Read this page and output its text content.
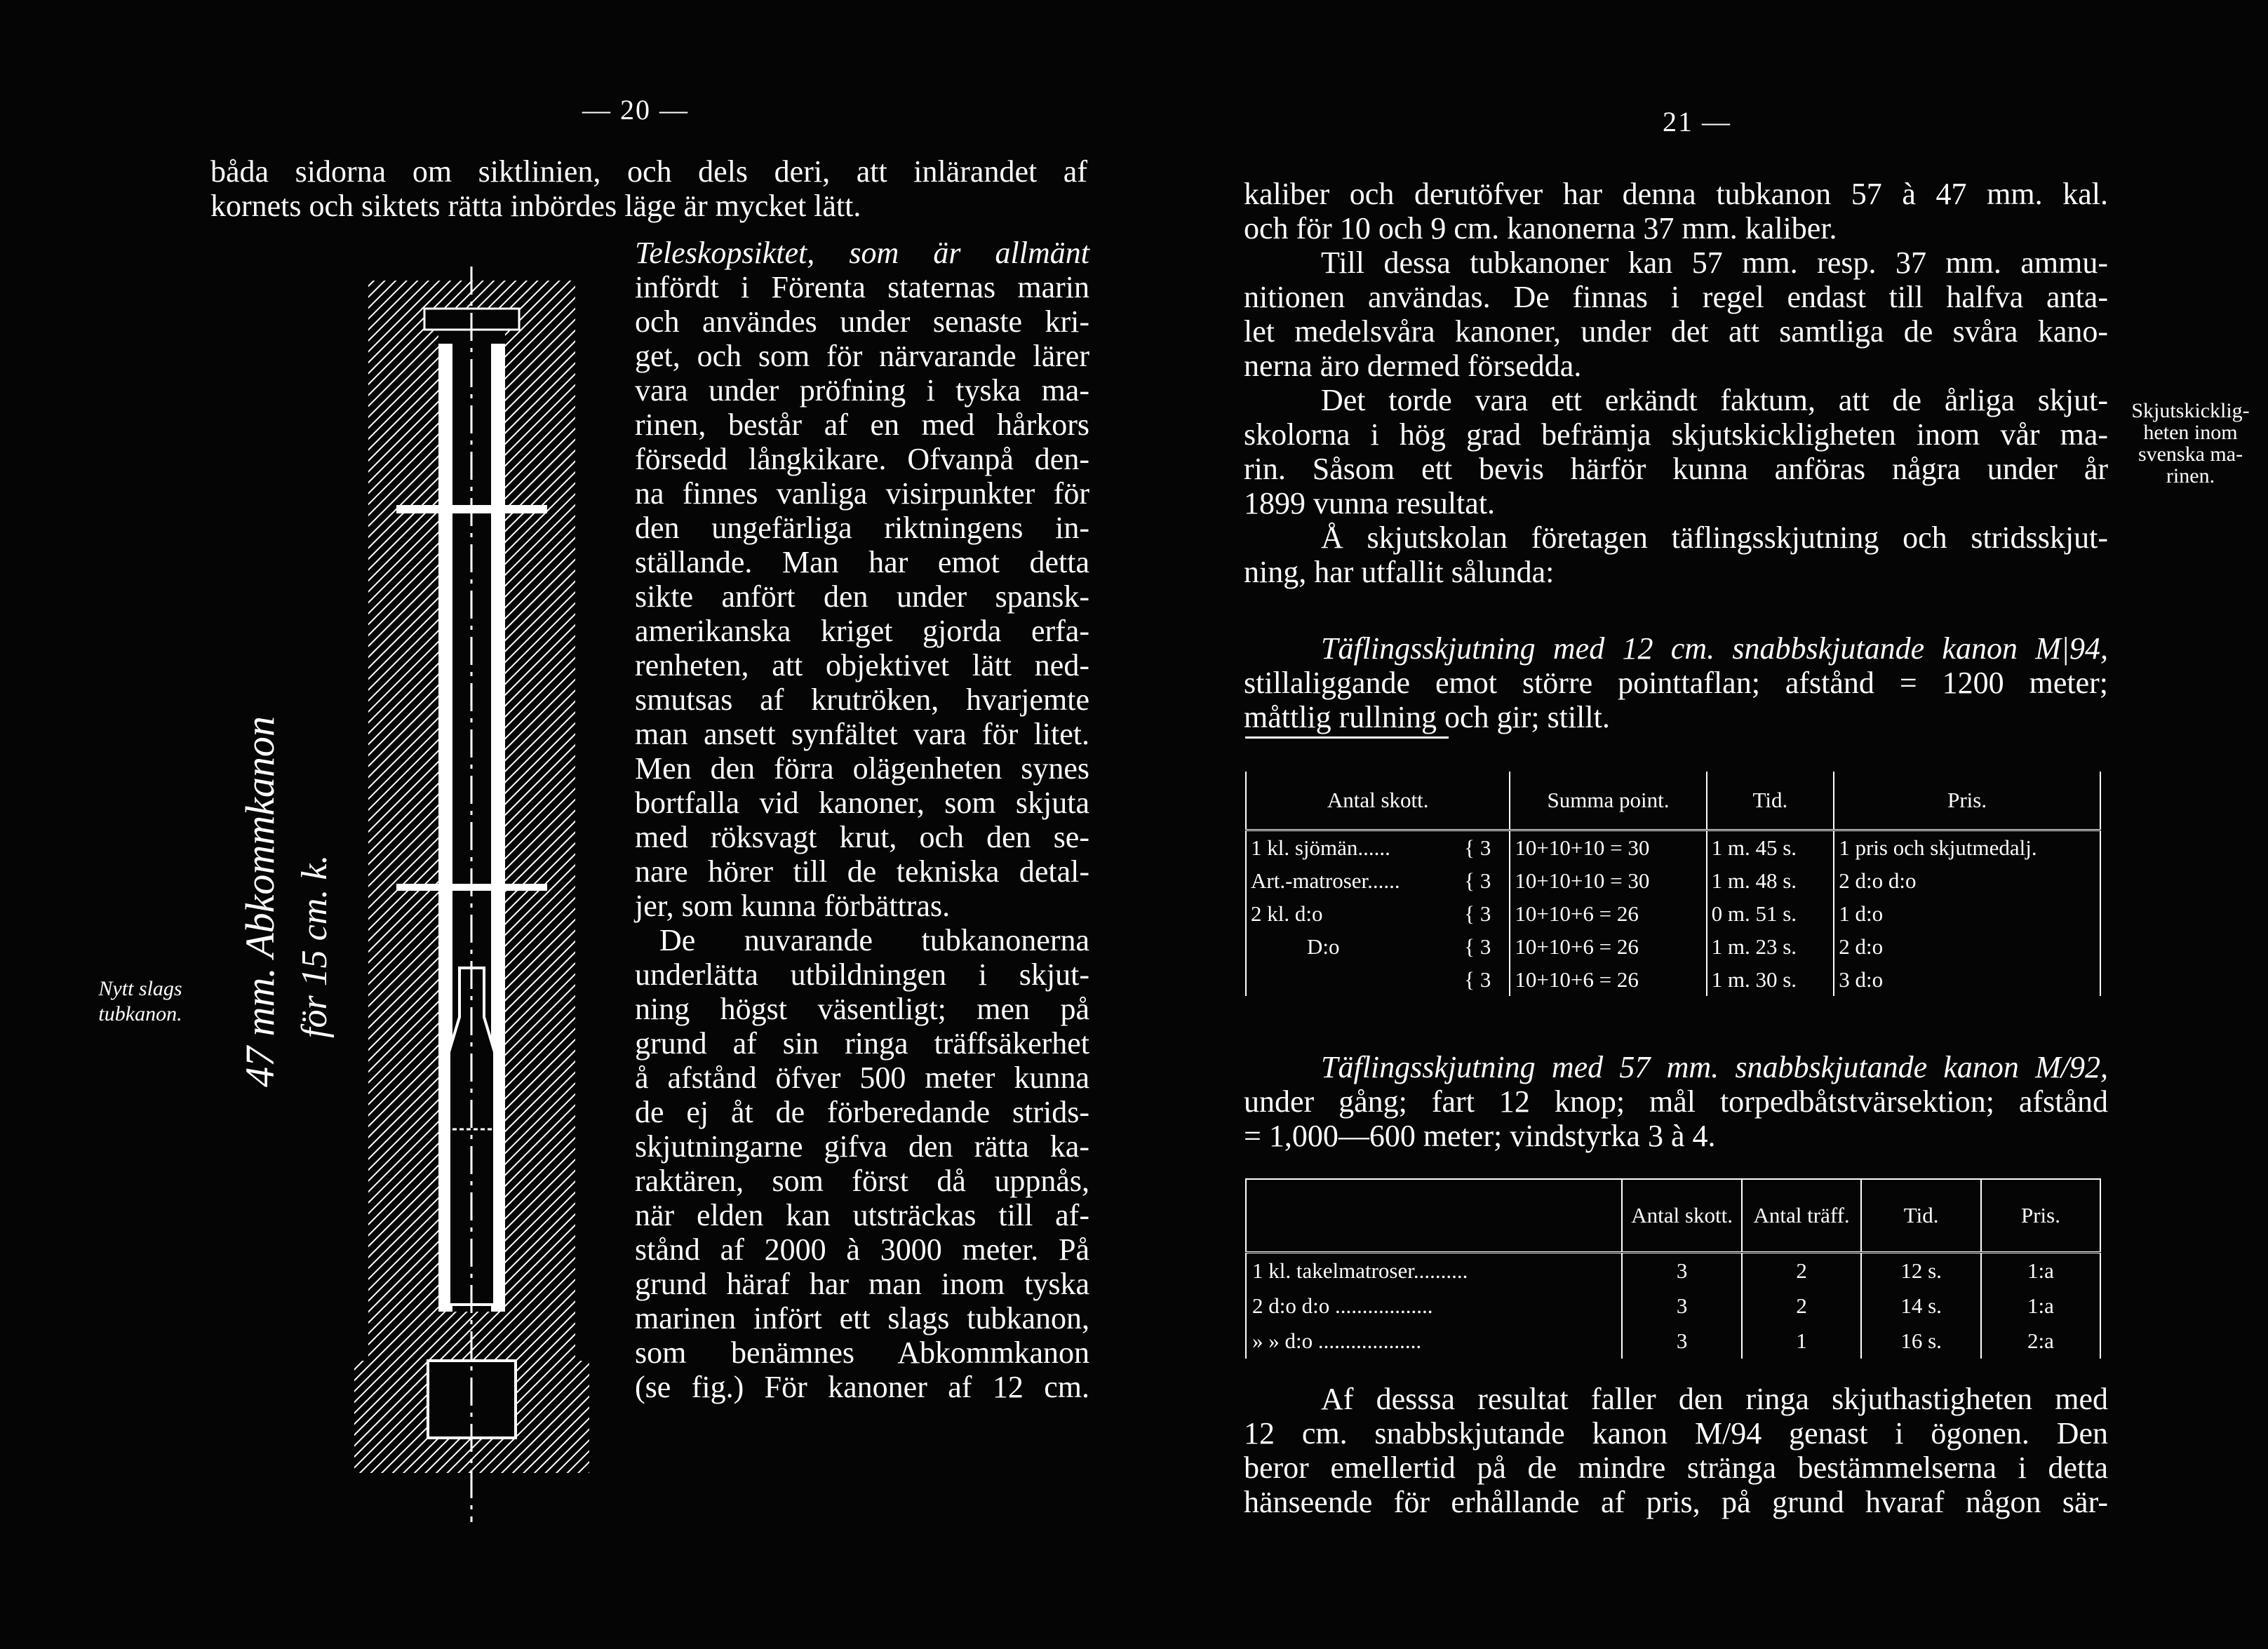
— 20 —
båda sidorna om siktlinien, och dels deri, att inlärandet af
kornets och siktets rätta inbördes läge är mycket lätt.
Nytt slags tubkanon.	47 mm. Abkommkanon för 15 cm. k.
Teleskopsiktet, som är allmänt
infördt i Förenta staternas marin
och användes under senaste kri-
get, och som för närvarande lärer
vara under pröfning i tyska ma-
rinen, består af en med hårkors
försedd långkikare. Ofvanpå den-
na finnes vanliga visirpunkter för
den ungefärliga riktningens in-
ställande. Man har emot detta
sikte anfört den under spansk-
amerikanska kriget gjorda erfa-
renheten, att objektivet lätt ned-
smutsas af krutröken, hvarjemte
man ansett synfältet vara för litet.
Men den förra olägenheten synes
bortfalla vid kanoner, som skjuta
med röksvagt krut, och den se-
nare hörer till de tekniska detal-
jer, som kunna förbättras.
De nuvarande tubkanonerna
underlätta utbildningen i skjut-
ning högst väsentligt; men på
grund af sin ringa träffsäkerhet
å afstånd öfver 500 meter kunna
de ej åt de förberedande strids-
skjutningarne gifva den rätta ka-
raktären, som först då uppnås,
när elden kan utsträckas till af-
stånd af 2000 à 3000 meter. På
grund häraf har man inom tyska
marinen infört ett slags tubkanon,
som benämnes Abkommkanon
(se fig.) För kanoner af 12 cm.
21 —
kaliber och derutöfver har denna tubkanon 57 à 47 mm. kal.
och för 10 och 9 cm. kanonerna 37 mm. kaliber.
Till dessa tubkanoner kan 57 mm. resp. 37 mm. ammu-
nitionen användas. De finnas i regel endast till halfva anta-
let medelsvåra kanoner, under det att samtliga de svåra kano-
nerna äro dermed försedda.
Det torde vara ett erkändt faktum, att de årliga skjut-
skolorna i hög grad befrämja skjutskickligheten inom vår ma-
rin. Såsom ett bevis härför kunna anföras några under år
1899 vunna resultat.
Å skjutskolan företagen täflingsskjutning och stridsskjut-
ning, har utfallit sålunda:
Skjutskicklig-
heten inom
svenska ma-
rinen.
Täflingsskjutning med 12 cm. snabbskjutande kanon M|94,
stillaliggande emot större pointtaflan; afstånd = 1200 meter;
måttlig rullning och gir; stillt.
Antal skott.	Summa point.	Tid.	Pris.
1 kl. sjömän...... { 3	10+10+10 = 30	1 m. 45 s.	1 pris och skjutmedalj.
Art.-matroser...... { 3	10+10+10 = 30	1 m. 48 s.	2 d:o d:o
2 kl. d:o { 3	10+10+6 = 26	0 m. 51 s.	1 d:o
D:o { 3	10+10+6 = 26	1 m. 23 s.	2 d:o

{ 3	10+10+6 = 26	1 m. 30 s.	3 d:o
Täflingsskjutning med 57 mm. snabbskjutande kanon M/92,
under gång; fart 12 knop; mål torpedbåtstvärsektion; afstånd
= 1,000—600 meter; vindstyrka 3 à 4.
	Antal skott.	Antal träff.	Tid.	Pris.
1 kl. takelmatroser..........	3	2	12 s.	1:a
2 d:o d:o ..................	3	2	14 s.	1:a
» » d:o ...................	3	1	16 s.	2:a
Af desssa resultat faller den ringa skjuthastigheten med
12 cm. snabbskjutande kanon M/94 genast i ögonen. Den
beror emellertid på de mindre stränga bestämmelserna i detta
hänseende för erhållande af pris, på grund hvaraf någon sär-
